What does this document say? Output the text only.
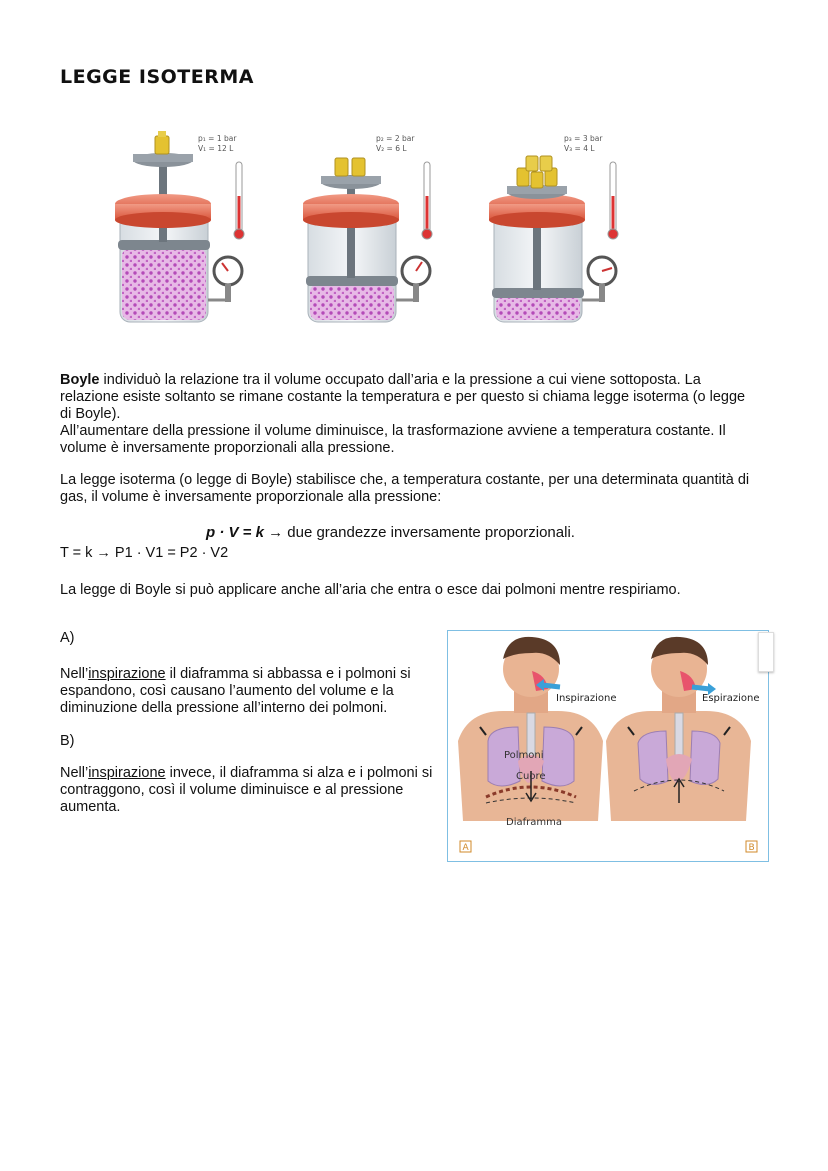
LEGGE ISOTERMA
p₁ = 1 bar
V₁ = 12 L
p₂ = 2 bar
V₂ = 6 L
p₃ = 3 bar
V₃ = 4 L
Boyle individuò la relazione tra il volume occupato dall’aria e la pressione a cui viene sottoposta. La relazione esiste soltanto se rimane costante la temperatura e per questo si chiama legge isoterma (o legge di Boyle).
All’aumentare della pressione il volume diminuisce, la trasformazione avviene a temperatura costante. Il volume è inversamente proporzionali alla pressione.
La legge isoterma (o legge di Boyle) stabilisce che, a temperatura costante, per una determinata quantità di gas, il volume è inversamente proporzionale alla pressione:
p · V = k → due grandezze inversamente proporzionali.
T = k → P1 · V1 = P2 · V2
La legge di Boyle si può applicare anche all’aria che entra o esce dai polmoni mentre respiriamo.
A)
Nell’inspirazione il diaframma si abbassa e i polmoni si espandono, così causano l’aumento del volume e la diminuzione della pressione all’interno dei polmoni.
B)
Nell’inspirazione invece, il diaframma si alza e i polmoni si contraggono, così il volume diminuisce e al pressione aumenta.
Inspirazione	Espirazione
Polmoni
Cuore
Diaframma
A	B
